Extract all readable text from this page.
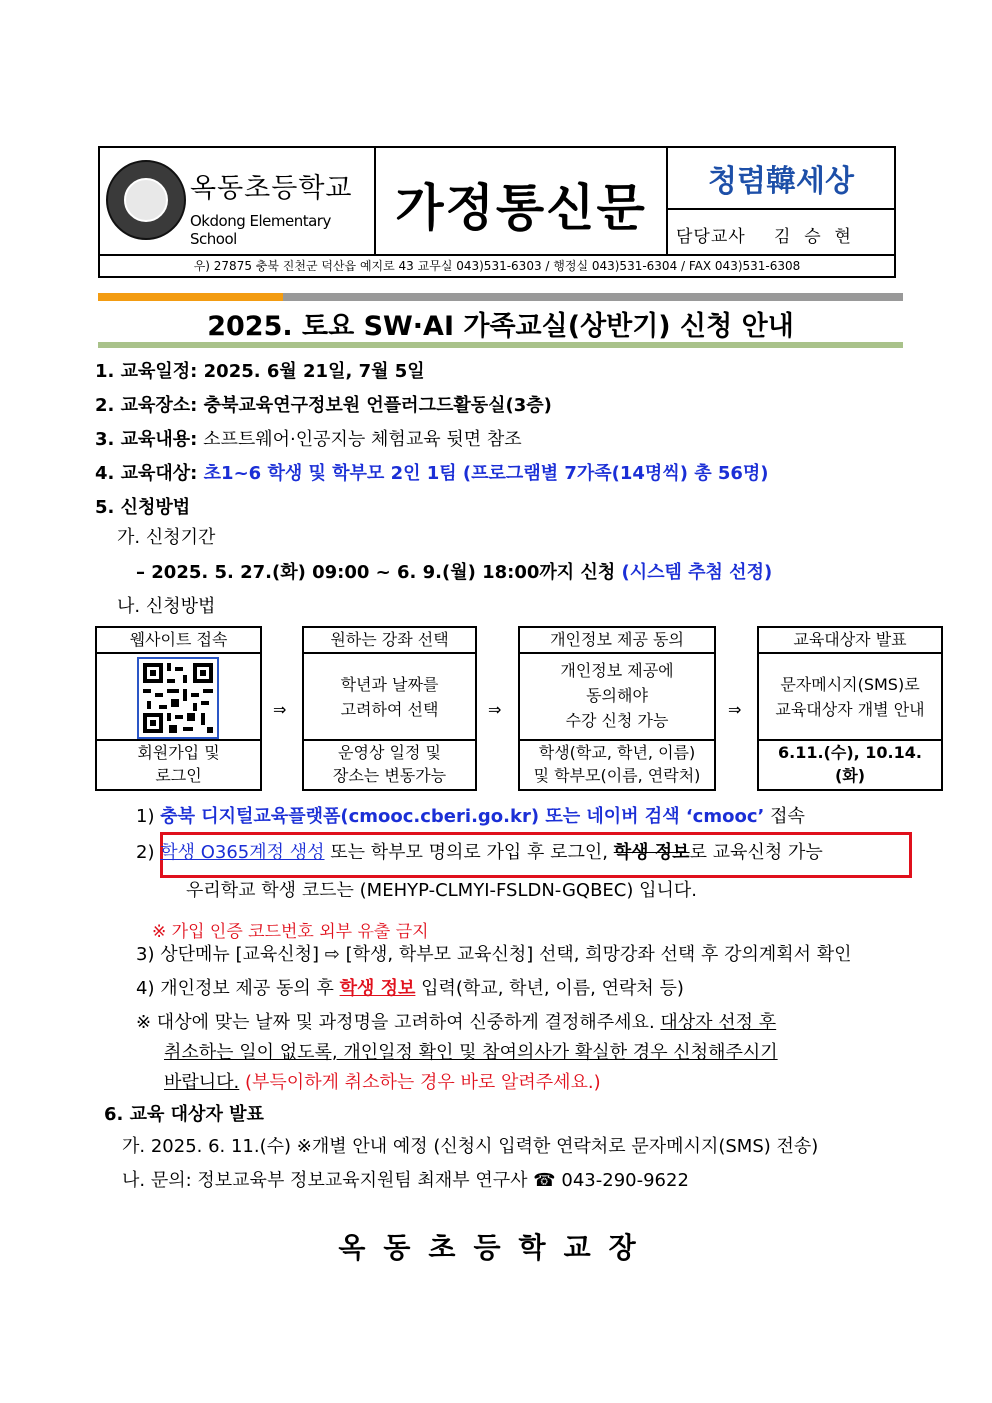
옥동초등학교
Okdong Elementary School
가정통신문	청렴韓세상
담당교사 김  승  현
우) 27875 충북 진천군 덕산읍 예지로 43 교무실 043)531-6303 / 행정실 043)531-6304 / FAX 043)531-6308
2025. 토요 SW·AI 가족교실(상반기) 신청 안내
1. 교육일정: 2025. 6월 21일, 7월 5일
2. 교육장소: 충북교육연구정보원 언플러그드활동실(3층)
3. 교육내용: 소프트웨어·인공지능 체험교육 뒷면 참조
4. 교육대상: 초1~6 학생 및 학부모 2인 1팀 (프로그램별 7가족(14명씩) 총 56명)
5. 신청방법
가. 신청기간
– 2025. 5. 27.(화) 09:00 ~ 6. 9.(월) 18:00까지 신청 (시스템 추첨 선정)
나. 신청방법
웹사이트 접속
회원가입 및
로그인
⇒
원하는 강좌 선택
학년과 날짜를
고려하여 선택
운영상 일정 및
장소는 변동가능
⇒
개인정보 제공 동의
개인정보 제공에
동의해야
수강 신청 가능
학생(학교, 학년, 이름)
및 학부모(이름, 연락처)
⇒
교육대상자 발표
문자메시지(SMS)로
교육대상자 개별 안내
6.11.(수), 10.14.
(화)
1) 충북 디지털교육플랫폼(cmooc.cberi.go.kr) 또는 네이버 검색 ‘cmooc’ 접속
2) 학생 O365계정 생성 또는 학부모 명의로 가입 후 로그인, 학생 정보로 교육신청 가능
우리학교 학생 코드는 (MEHYP-CLMYI-FSLDN-GQBEC) 입니다.
※ 가입 인증 코드번호 외부 유출 금지
3) 상단메뉴 [교육신청] ⇨ [학생, 학부모 교육신청] 선택, 희망강좌 선택 후 강의계획서 확인
4) 개인정보 제공 동의 후 학생 정보 입력(학교, 학년, 이름, 연락처 등)
※ 대상에 맞는 날짜 및 과정명을 고려하여 신중하게 결정해주세요. 대상자 선정 후
취소하는 일이 없도록, 개인일정 확인 및 참여의사가 확실한 경우 신청해주시기
바랍니다. (부득이하게 취소하는 경우 바로 알려주세요.)
6. 교육 대상자 발표
가. 2025. 6. 11.(수) ※개별 안내 예정 (신청시 입력한 연락처로 문자메시지(SMS) 전송)
나. 문의: 정보교육부 정보교육지원팀 최재부 연구사 ☎ 043-290-9622
옥동초등학교장
